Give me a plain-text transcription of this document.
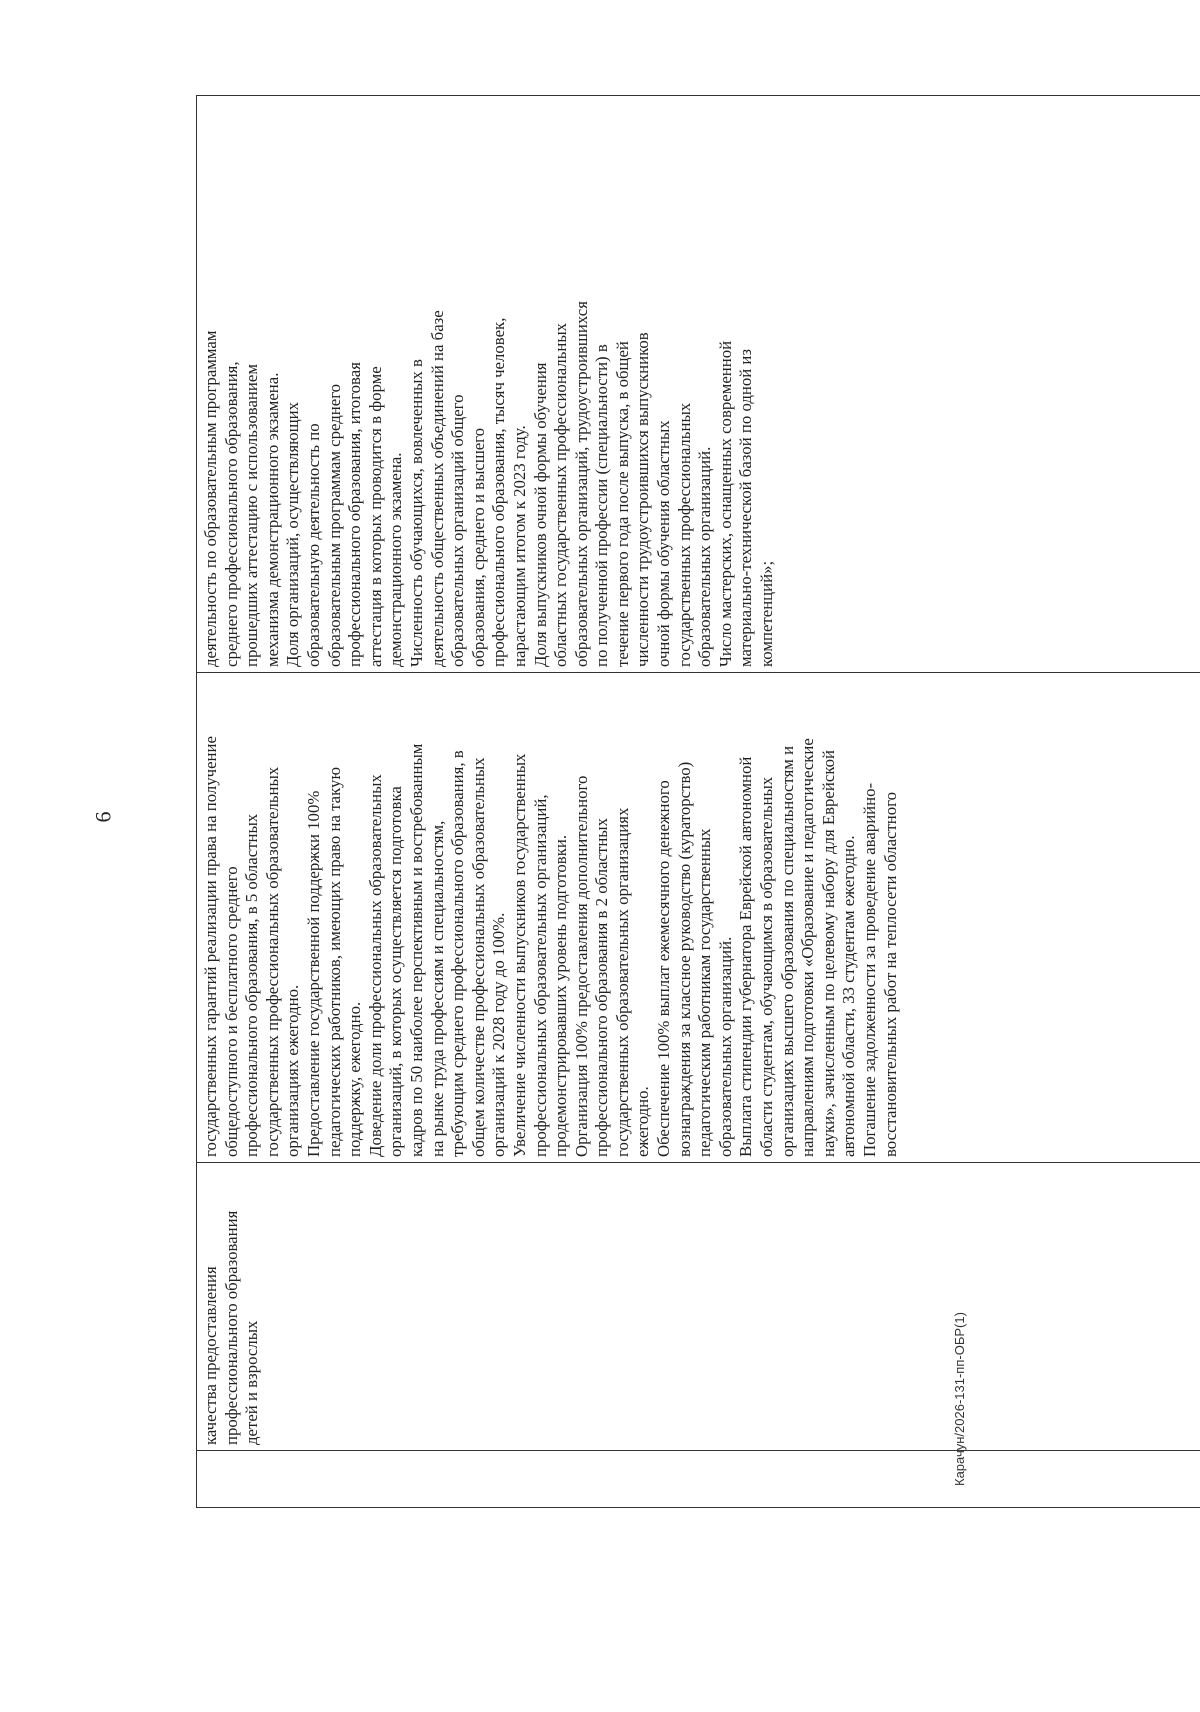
6

качества предоставления профессионального образования детей и взрослых

государственных гарантий реализации права на получение общедоступного и бесплатного среднего профессионального образования, в 5 областных государственных профессиональных образовательных организациях ежегодно. Предоставление государственной поддержки 100% педагогических работников, имеющих право на такую поддержку, ежегодно. Доведение доли профессиональных образовательных организаций, в которых осуществляется подготовка кадров по 50 наиболее перспективным и востребованным на рынке труда профессиям и специальностям, требующим среднего профессионального образования, в общем количестве профессиональных образовательных организаций к 2028 году до 100%. Увеличение численности выпускников государственных профессиональных образовательных организаций, продемонстрировавших уровень подготовки. Организация 100% предоставления дополнительного профессионального образования в 2 областных государственных образовательных организациях ежегодно. Обеспечение 100% выплат ежемесячного денежного вознаграждения за классное руководство (кураторство) педагогическим работникам государственных образовательных организаций. Выплата стипендии губернатора Еврейской автономной области студентам, обучающимся в образовательных организациях высшего образования по специальностям и направлениям подготовки «Образование и педагогические науки», зачисленным по целевому набору для Еврейской автономной области, 33 студентам ежегодно. Погашение задолженности за проведение аварийно- восстановительных работ на теплосети областного

деятельность по образовательным программам среднего профессионального образования, прошедших аттестацию с использованием механизма демонстрационного экзамена. Доля организаций, осуществляющих образовательную деятельность по образовательным программам среднего профессионального образования, итоговая аттестация в которых проводится в форме демонстрационного экзамена. Численность обучающихся, вовлеченных в деятельность общественных объединений на базе образовательных организаций общего образования, среднего и высшего профессионального образования, тысяч человек, нарастающим итогом к 2023 году. Доля выпускников очной формы обучения областных государственных профессиональных образовательных организаций, трудоустроившихся по полученной профессии (специальности) в течение первого года после выпуска, в общей численности трудоустроившихся выпускников очной формы обучения областных государственных профессиональных образовательных организаций. Число мастерских, оснащенных современной материально-технической базой по одной из компетенций»;
Карачун/2026-131-пп-ОБР(1)
